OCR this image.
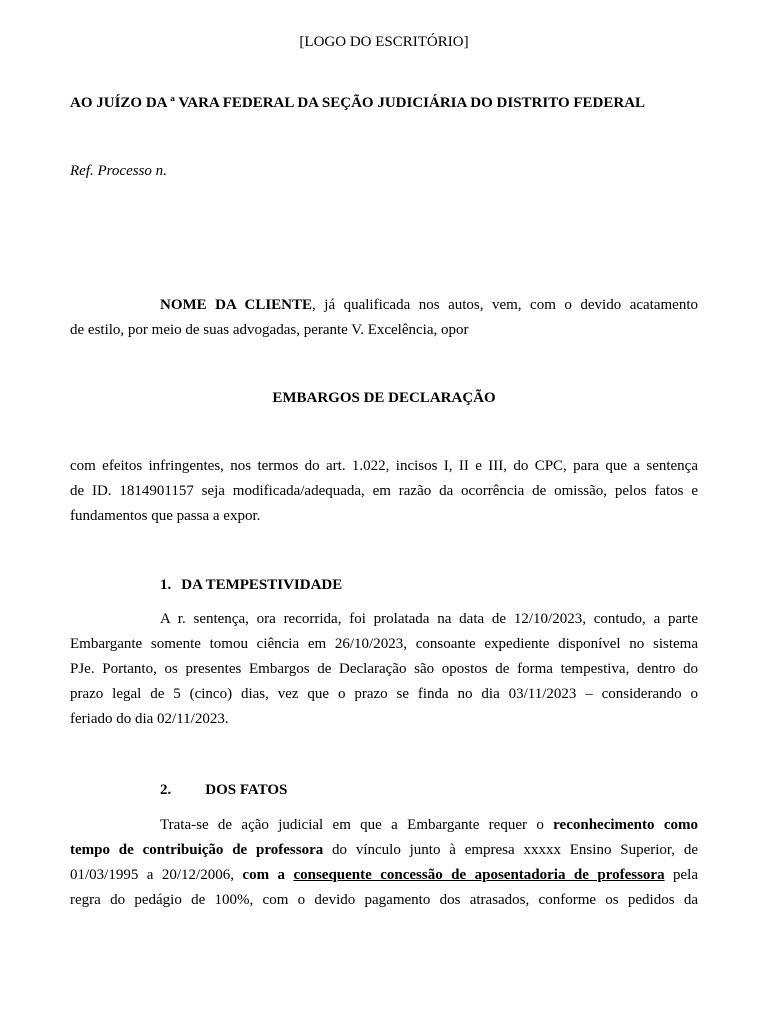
[LOGO DO ESCRITÓRIO]
AO JUÍZO DA ª VARA FEDERAL DA SEÇÃO JUDICIÁRIA DO DISTRITO FEDERAL
Ref. Processo n.
NOME DA CLIENTE, já qualificada nos autos, vem, com o devido acatamento
de estilo, por meio de suas advogadas, perante V. Excelência, opor
EMBARGOS DE DECLARAÇÃO
com efeitos infringentes, nos termos do art. 1.022, incisos I, II e III, do CPC, para que a sentença
de ID. 1814901157 seja modificada/adequada, em razão da ocorrência de omissão, pelos fatos e
fundamentos que passa a expor.
1. DA TEMPESTIVIDADE
A r. sentença, ora recorrida, foi prolatada na data de 12/10/2023, contudo, a parte
Embargante somente tomou ciência em 26/10/2023, consoante expediente disponível no sistema
PJe. Portanto, os presentes Embargos de Declaração são opostos de forma tempestiva, dentro do
prazo legal de 5 (cinco) dias, vez que o prazo se finda no dia 03/11/2023 – considerando o
feriado do dia 02/11/2023.
2. DOS FATOS
Trata-se de ação judicial em que a Embargante requer o reconhecimento como
tempo de contribuição de professora do vínculo junto à empresa xxxxx Ensino Superior, de
01/03/1995 a 20/12/2006, com a consequente concessão de aposentadoria de professora pela
regra do pedágio de 100%, com o devido pagamento dos atrasados, conforme os pedidos da
